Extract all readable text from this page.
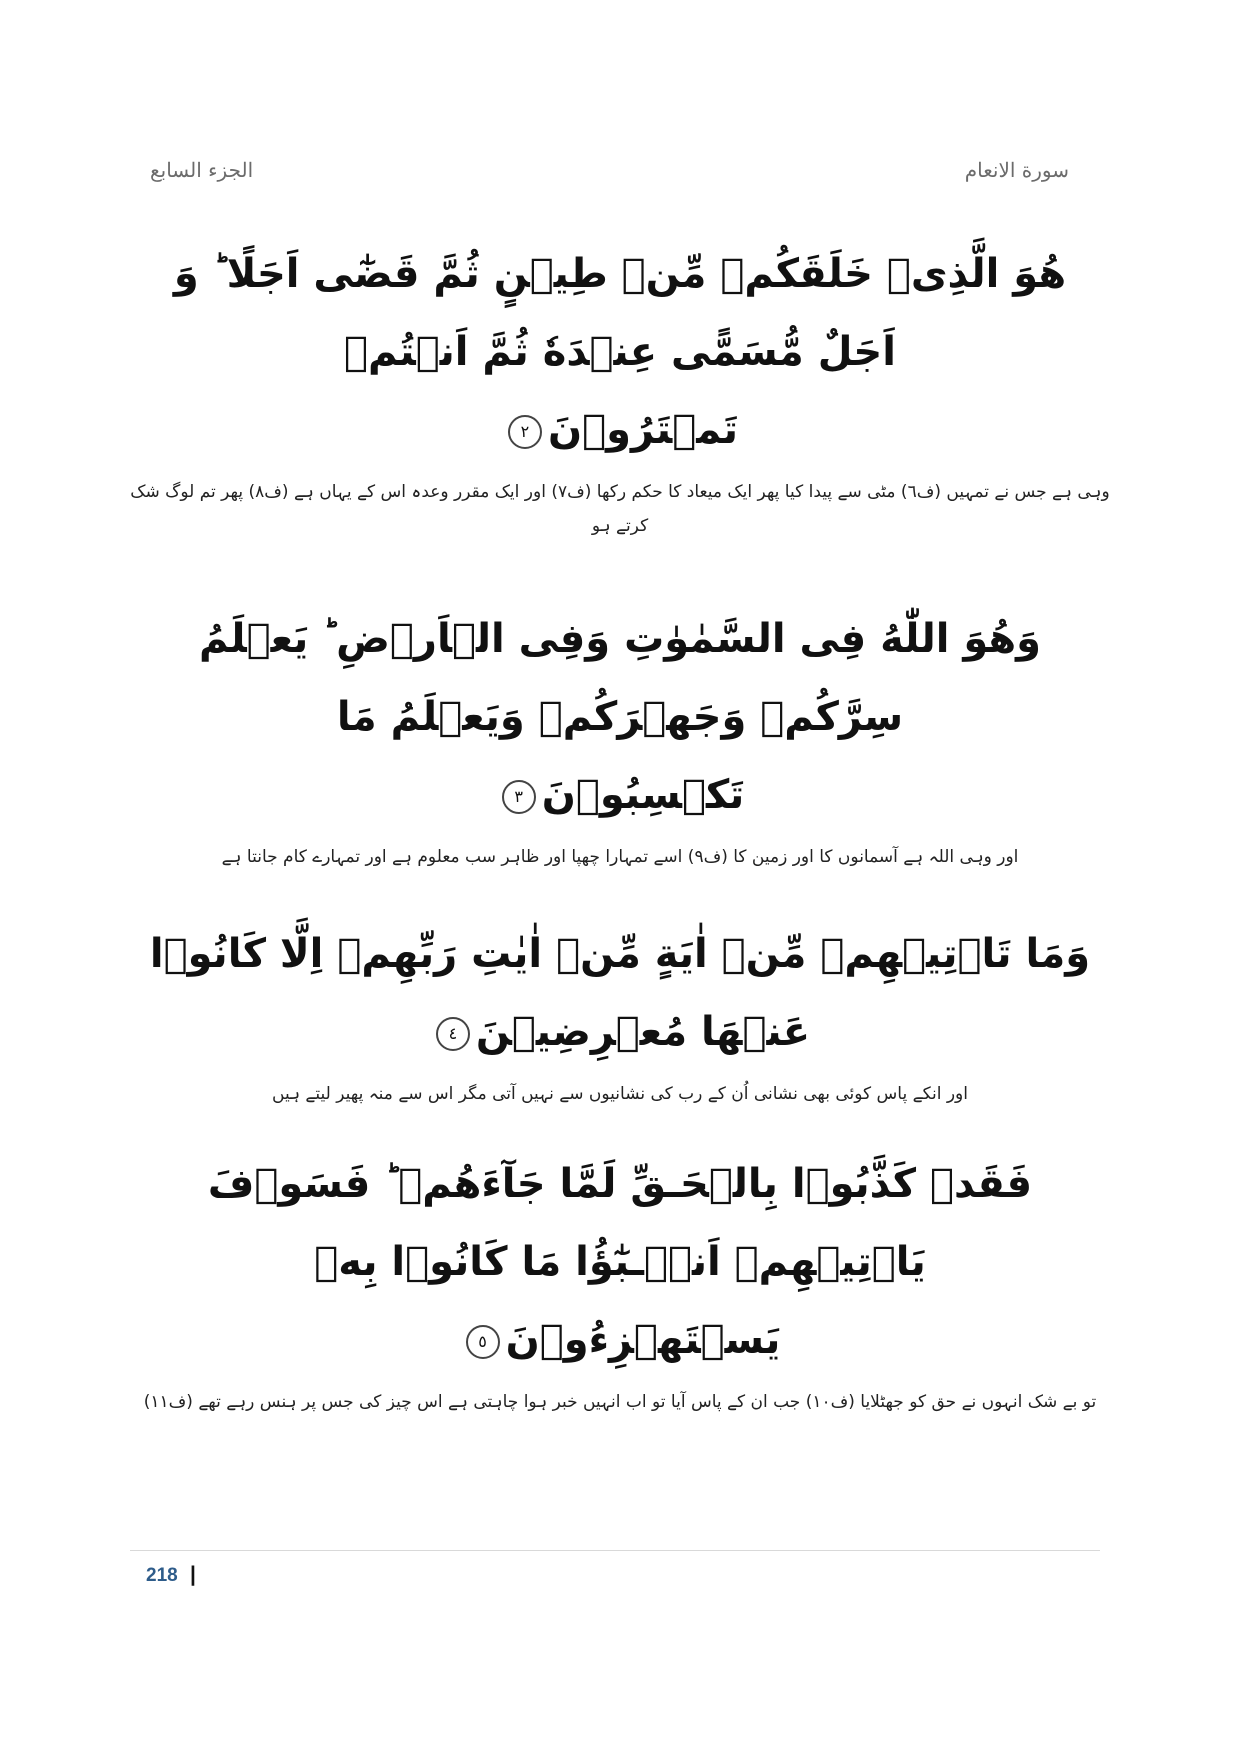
الجزء السابع	سورة الانعام
هُوَ الَّذِىۡ خَلَقَكُمۡ مِّنۡ طِيۡنٍ ثُمَّ قَضٰٓى اَجَلًا ‌ؕ وَ اَجَلٌ مُّسَمًّى عِنۡدَهٗ ثُمَّ اَنۡتُمۡ
تَمۡتَرُوۡنَ٢
وہی ہے جس نے تمہیں (ف٦) مٹی سے پیدا کیا پھر ایک میعاد کا حکم رکھا (ف٧) اور ایک مقرر وعدہ اس کے یہاں ہے (ف٨) پھر تم لوگ شک کرتے ہو
وَهُوَ اللّٰهُ فِى السَّمٰوٰتِ وَفِى الۡاَرۡضِ‌ ؕ يَعۡلَمُ سِرَّكُمۡ وَجَهۡرَكُمۡ وَيَعۡلَمُ مَا
تَكۡسِبُوۡنَ٣
اور وہی اللہ ہے آسمانوں کا اور زمین کا (ف٩) اسے تمہارا چھپا اور ظاہر سب معلوم ہے اور تمہارے کام جانتا ہے
وَمَا تَاۡتِيۡهِمۡ مِّنۡ اٰيَةٍ مِّنۡ اٰيٰتِ رَبِّهِمۡ اِلَّا كَانُوۡا عَنۡهَا مُعۡرِضِيۡنَ٤
اور انکے پاس کوئی بھی نشانی اُن کے رب کی نشانیوں سے نہیں آتی مگر اس سے منہ پھیر لیتے ہیں
فَقَدۡ كَذَّبُوۡا بِالۡحَـقِّ لَمَّا جَآءَهُمۡ‌ ؕ فَسَوۡفَ يَاۡتِيۡهِمۡ اَنۡۢـبٰٓؤُا مَا كَانُوۡا بِهٖ
يَسۡتَهۡزِءُوۡنَ٥
تو بے شک انہوں نے حق کو جھٹلایا (ف١٠) جب ان کے پاس آیا تو اب انہیں خبر ہوا چاہتی ہے اس چیز کی جس پر ہنس رہے تھے (ف١١)
218 |
